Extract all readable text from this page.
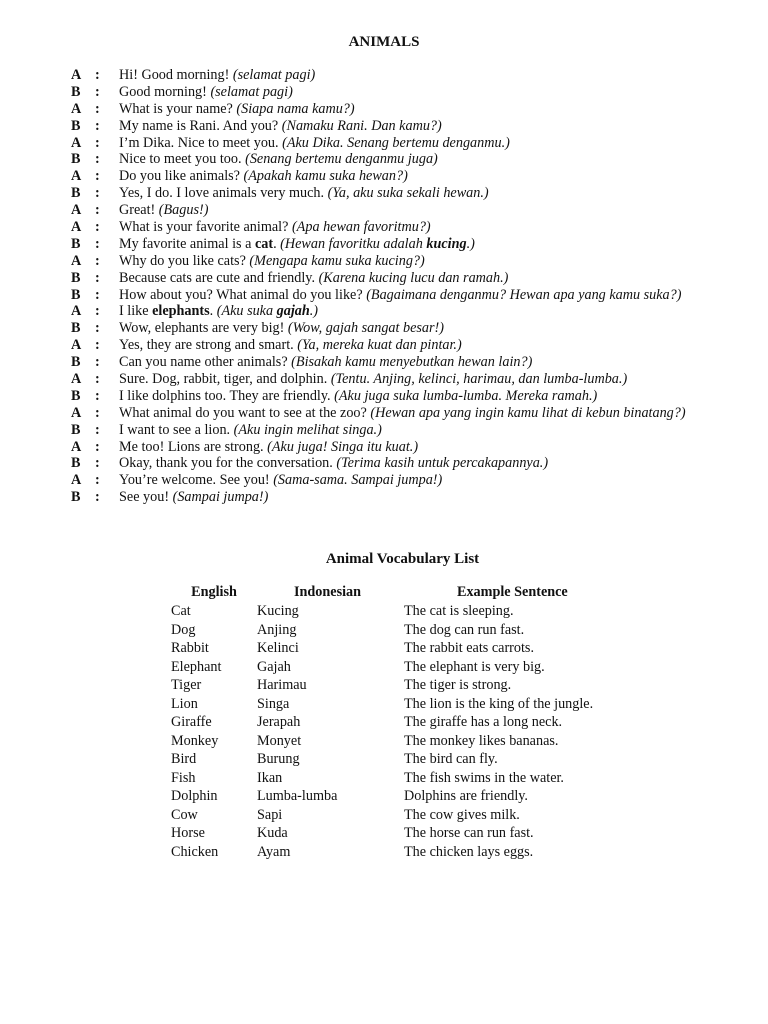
ANIMALS
A :	Hi! Good morning! (selamat pagi)
B	:	Good morning! (selamat pagi)
A :	What is your name? (Siapa nama kamu?)
B	:	My name is Rani. And you? (Namaku Rani. Dan kamu?)
A :	I’m Dika. Nice to meet you. (Aku Dika. Senang bertemu denganmu.)
B	:	Nice to meet you too. (Senang bertemu denganmu juga)
A :	Do you like animals? (Apakah kamu suka hewan?)
B	:	Yes, I do. I love animals very much. (Ya, aku suka sekali hewan.)
A :	Great! (Bagus!)
A :	What is your favorite animal? (Apa hewan favoritmu?)
B	:	My favorite animal is a cat. (Hewan favoritku adalah kucing.)
A :	Why do you like cats? (Mengapa kamu suka kucing?)
B	:	Because cats are cute and friendly. (Karena kucing lucu dan ramah.)
B	:	How about you? What animal do you like? (Bagaimana denganmu? Hewan apa yang kamu suka?)
A :	I like elephants. (Aku suka gajah.)
B	:	Wow, elephants are very big! (Wow, gajah sangat besar!)
A :	Yes, they are strong and smart. (Ya, mereka kuat dan pintar.)
B	:	Can you name other animals? (Bisakah kamu menyebutkan hewan lain?)
A :	Sure. Dog, rabbit, tiger, and dolphin. (Tentu. Anjing, kelinci, harimau, dan lumba-lumba.)
B	:	I like dolphins too. They are friendly. (Aku juga suka lumba-lumba. Mereka ramah.)
A :	What animal do you want to see at the zoo? (Hewan apa yang ingin kamu lihat di kebun binatang?)
B	:	I want to see a lion. (Aku ingin melihat singa.)
A :	Me too! Lions are strong. (Aku juga! Singa itu kuat.)
B	:	Okay, thank you for the conversation. (Terima kasih untuk percakapannya.)
A :	You’re welcome. See you! (Sama-sama. Sampai jumpa!)
B	:	See you! (Sampai jumpa!)
Animal Vocabulary List
English	Indonesian	Example Sentence
Cat	Kucing	The cat is sleeping.
Dog	Anjing	The dog can run fast.
Rabbit	Kelinci	The rabbit eats carrots.
Elephant	Gajah	The elephant is very big.
Tiger	Harimau	The tiger is strong.
Lion	Singa	The lion is the king of the jungle.
Giraffe	Jerapah	The giraffe has a long neck.
Monkey	Monyet	The monkey likes bananas.
Bird	Burung	The bird can fly.
Fish	Ikan	The fish swims in the water.
Dolphin	Lumba-lumba	Dolphins are friendly.
Cow	Sapi	The cow gives milk.
Horse	Kuda	The horse can run fast.
Chicken	Ayam	The chicken lays eggs.
